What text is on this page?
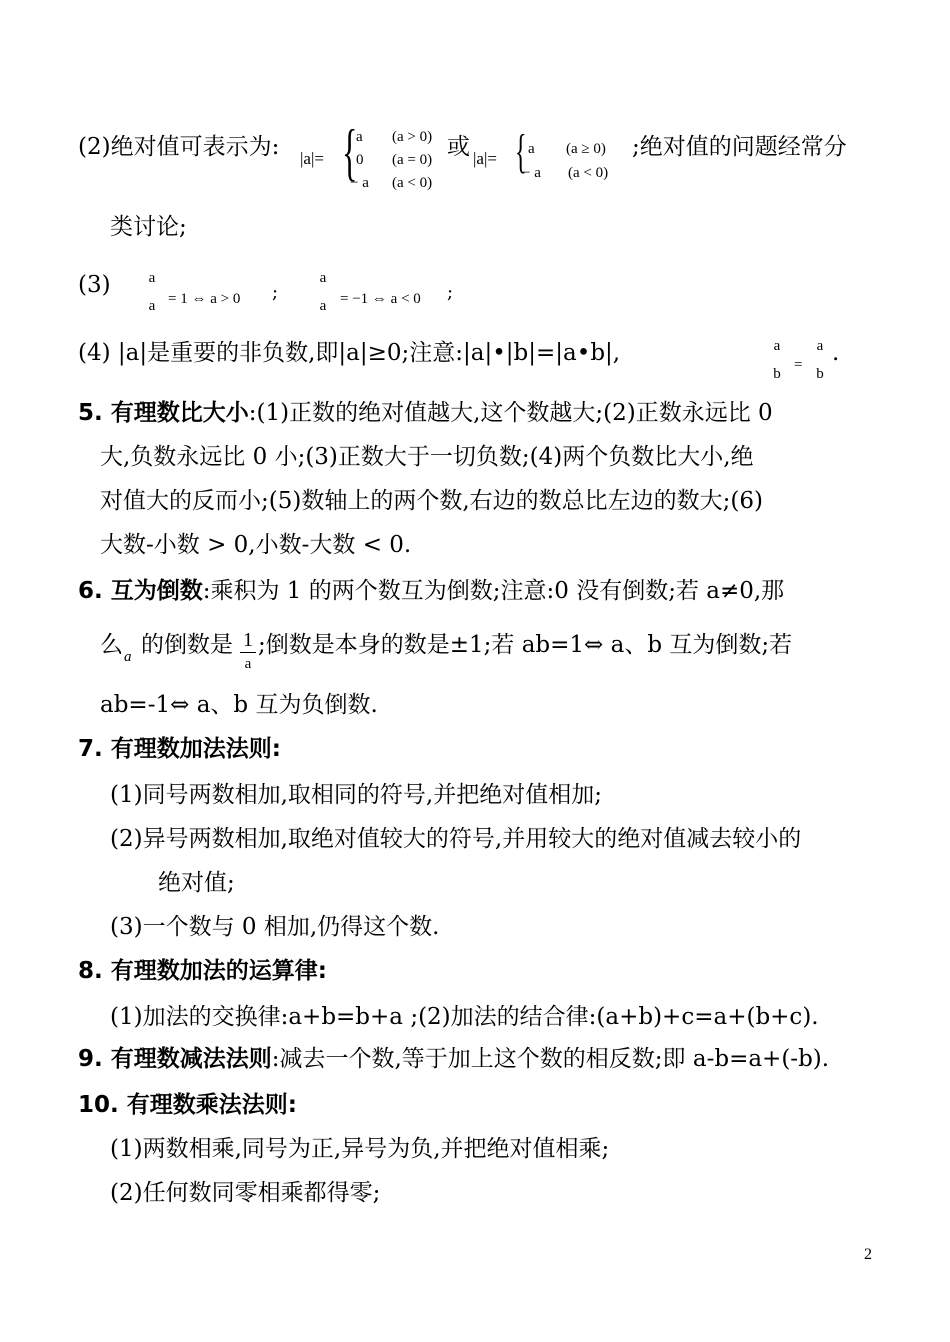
(2)绝对值可表示为: |a|= {
a (a > 0)
0 (a = 0)
− a (a < 0)
或 |a|= { a (a ≥ 0)
− a (a < 0)
;绝对值的问题经常分
类讨论;
(3)	a
a = 1 ⇔ a > 0 ;
a
a = −1 ⇔ a < 0 ;
(4) |a|是重要的非负数,即|a|≥0;注意:|a|•|b|=|a•b|,	a
b
=
a
b
.
5. 有理数比大小:(1)正数的绝对值越大,这个数越大;(2)正数永远比 0
大,负数永远比 0 小;(3)正数大于一切负数;(4)两个负数比大小,绝
对值大的反而小;(5)数轴上的两个数,右边的数总比左边的数大;(6)
大数-小数 > 0,小数-大数 < 0.
6. 互为倒数:乘积为 1 的两个数互为倒数;注意:0 没有倒数;若 a≠0,那
么 a 的倒数是 1
a
;倒数是本身的数是±1;若 ab=1⇔ a、b 互为倒数;若
ab=-1⇔ a、b 互为负倒数.
7. 有理数加法法则:
(1)同号两数相加,取相同的符号,并把绝对值相加;
(2)异号两数相加,取绝对值较大的符号,并用较大的绝对值减去较小的
绝对值;
(3)一个数与 0 相加,仍得这个数.
8. 有理数加法的运算律:
(1)加法的交换律:a+b=b+a ;(2)加法的结合律:(a+b)+c=a+(b+c).
9. 有理数减法法则:减去一个数,等于加上这个数的相反数;即 a-b=a+(-b).
10. 有理数乘法法则:
(1)两数相乘,同号为正,异号为负,并把绝对值相乘;
(2)任何数同零相乘都得零;
2
